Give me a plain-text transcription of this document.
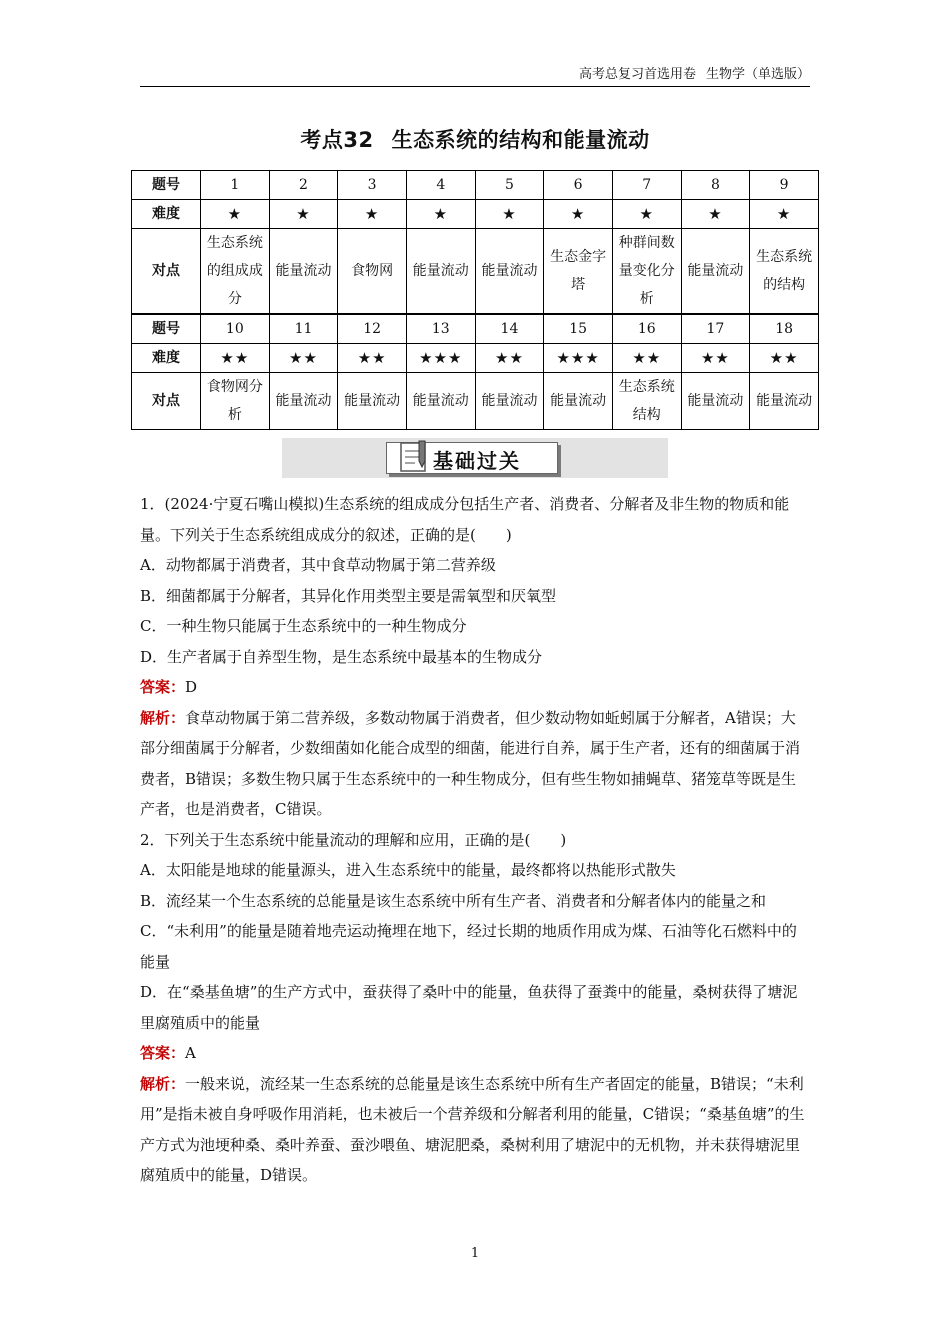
高考总复习首选用卷 生物学（单选版）
考点32 生态系统的结构和能量流动
题号	1	2	3	4	5	6	7	8	9
难度	★	★	★	★	★	★	★	★	★
对点	生态系统的组成成分	能量流动	食物网	能量流动	能量流动	生态金字塔	种群间数量变化分析	能量流动	生态系统的结构
题号	10	11	12	13	14	15	16	17	18
难度	★★	★★	★★	★★★	★★	★★★	★★	★★	★★
对点	食物网分析	能量流动	能量流动	能量流动	能量流动	能量流动	生态系统结构	能量流动	能量流动
基础过关

1．(2024·宁夏石嘴山模拟)生态系统的组成成分包括生产者、消费者、分解者及非生物的物质和能量。下列关于生态系统组成成分的叙述，正确的是(　　)

A．动物都属于消费者，其中食草动物属于第二营养级

B．细菌都属于分解者，其异化作用类型主要是需氧型和厌氧型

C．一种生物只能属于生态系统中的一种生物成分

D．生产者属于自养型生物，是生态系统中最基本的生物成分

答案：D

解析：食草动物属于第二营养级，多数动物属于消费者，但少数动物如蚯蚓属于分解者，A错误；大部分细菌属于分解者，少数细菌如化能合成型的细菌，能进行自养，属于生产者，还有的细菌属于消费者，B错误；多数生物只属于生态系统中的一种生物成分，但有些生物如捕蝇草、猪笼草等既是生产者，也是消费者，C错误。

2．下列关于生态系统中能量流动的理解和应用，正确的是(　　)

A．太阳能是地球的能量源头，进入生态系统中的能量，最终都将以热能形式散失

B．流经某一个生态系统的总能量是该生态系统中所有生产者、消费者和分解者体内的能量之和

C．“未利用”的能量是随着地壳运动掩埋在地下，经过长期的地质作用成为煤、石油等化石燃料中的能量

D．在“桑基鱼塘”的生产方式中，蚕获得了桑叶中的能量，鱼获得了蚕粪中的能量，桑树获得了塘泥里腐殖质中的能量

答案：A

解析：一般来说，流经某一生态系统的总能量是该生态系统中所有生产者固定的能量，B错误；“未利用”是指未被自身呼吸作用消耗，也未被后一个营养级和分解者利用的能量，C错误；“桑基鱼塘”的生产方式为池埂种桑、桑叶养蚕、蚕沙喂鱼、塘泥肥桑，桑树利用了塘泥中的无机物，并未获得塘泥里腐殖质中的能量，D错误。

1
